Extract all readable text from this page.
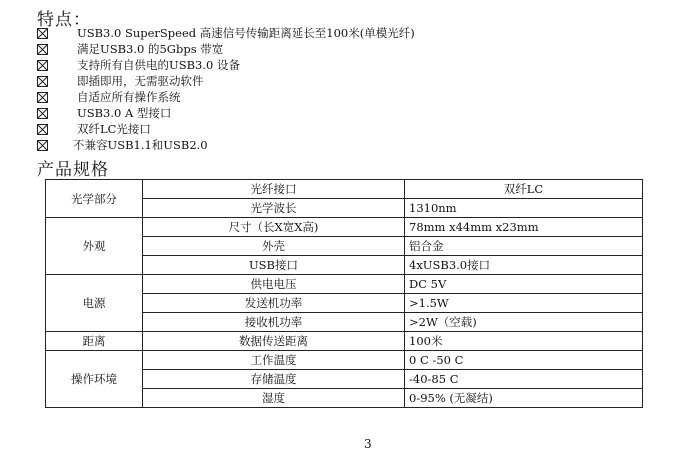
特点：
USB3.0 SuperSpeed 高速信号传输距离延长至100米(单模光纤)
满足USB3.0 的5Gbps 带宽
支持所有自供电的USB3.0 设备
即插即用，无需驱动软件
自适应所有操作系统
USB3.0 A 型接口
双纤LC光接口
不兼容USB1.1和USB2.0
产品规格
光学部分	光纤接口	双纤LC
	光学波长	1310nm
外观	尺寸（长X宽X高)	78mm x44mm x23mm
	外壳	铝合金
	USB接口	4xUSB3.0接口
电源	供电电压	DC 5V
	发送机功率	>1.5W
	接收机功率	>2W（空载)
距离	数据传送距离	100米
操作环境	工作温度	0 C -50 C
	存储温度	-40-85 C
	湿度	0-95% (无凝结)
3
